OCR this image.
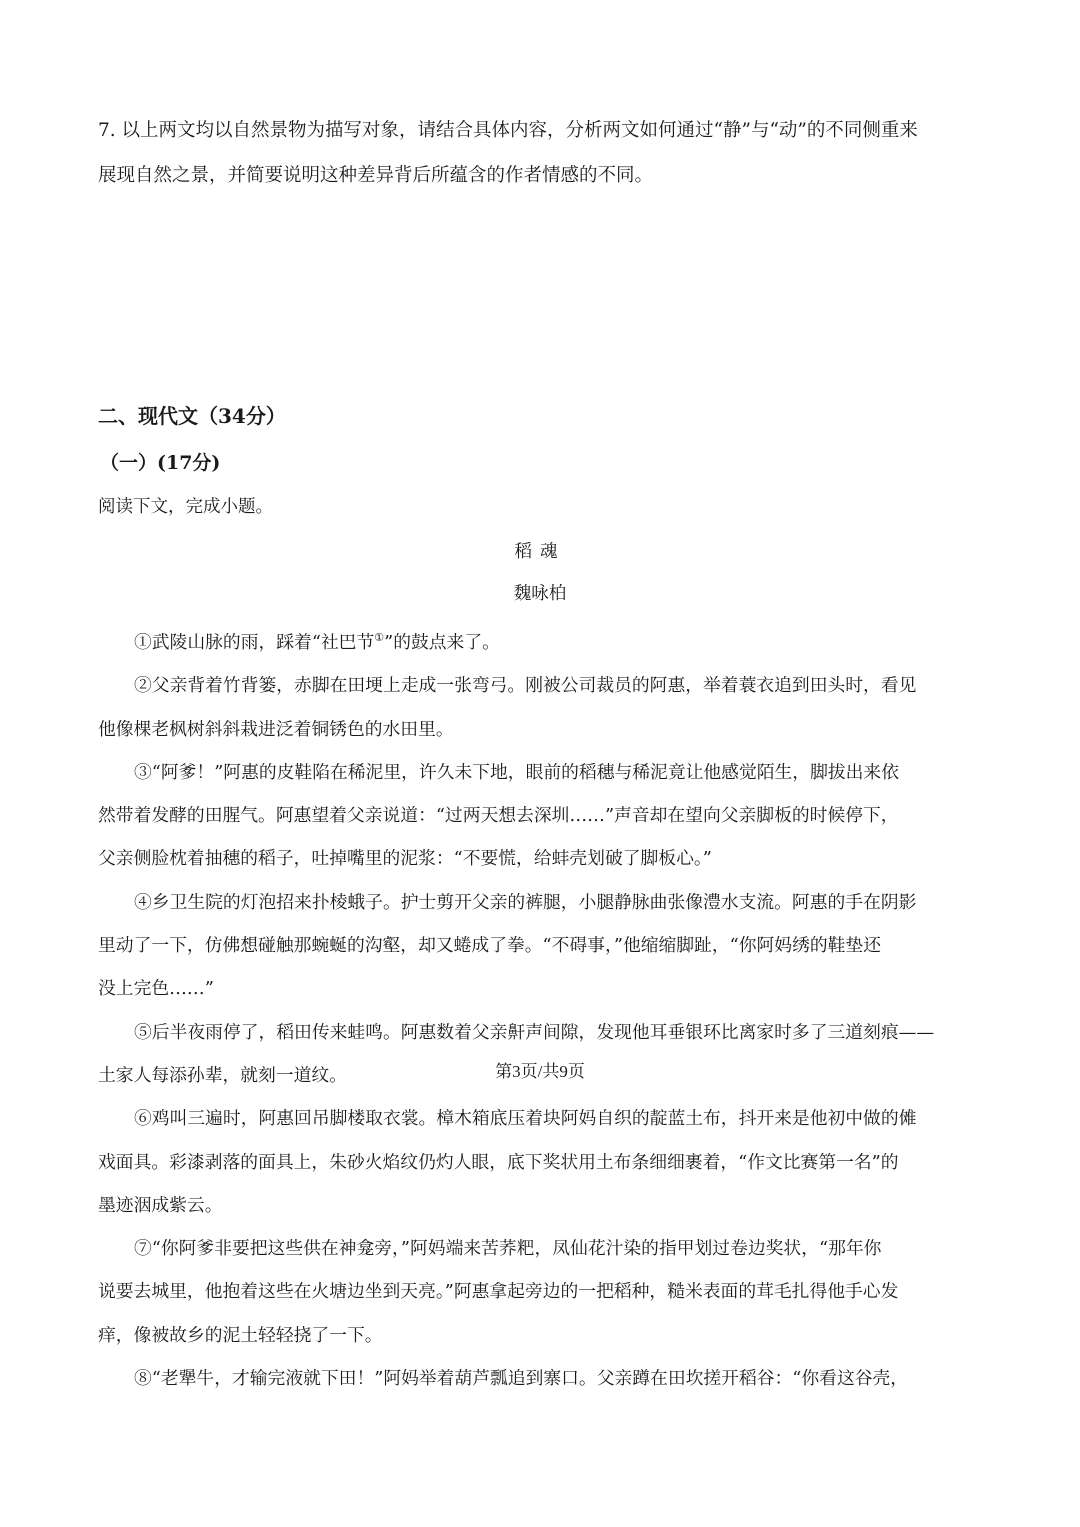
7. 以上两文均以自然景物为描写对象，请结合具体内容，分析两文如何通过“静”与“动”的不同侧重来
展现自然之景，并简要说明这种差异背后所蕴含的作者情感的不同。
二、现代文（34分）
（一）(17分)
阅读下文，完成小题。
稻魂
魏咏柏
①武陵山脉的雨，踩着“社巴节①”的鼓点来了。
②父亲背着竹背篓，赤脚在田埂上走成一张弯弓。刚被公司裁员的阿惠，举着蓑衣追到田头时，看见
他像棵老枫树斜斜栽进泛着铜锈色的水田里。
③“阿爹！”阿惠的皮鞋陷在稀泥里，许久未下地，眼前的稻穗与稀泥竟让他感觉陌生，脚拔出来依
然带着发酵的田腥气。阿惠望着父亲说道：“过两天想去深圳……”声音却在望向父亲脚板的时候停下，
父亲侧脸枕着抽穗的稻子，吐掉嘴里的泥浆：“不要慌，给蚌壳划破了脚板心。”
④乡卫生院的灯泡招来扑棱蛾子。护士剪开父亲的裤腿，小腿静脉曲张像澧水支流。阿惠的手在阴影
里动了一下，仿佛想碰触那蜿蜒的沟壑，却又蜷成了拳。“不碍事，”他缩缩脚趾，“你阿妈绣的鞋垫还
没上完色……”
⑤后半夜雨停了，稻田传来蛙鸣。阿惠数着父亲鼾声间隙，发现他耳垂银环比离家时多了三道刻痕——
土家人每添孙辈，就刻一道纹。
⑥鸡叫三遍时，阿惠回吊脚楼取衣裳。樟木箱底压着块阿妈自织的靛蓝土布，抖开来是他初中做的傩
戏面具。彩漆剥落的面具上，朱砂火焰纹仍灼人眼，底下奖状用土布条细细裹着，“作文比赛第一名”的
墨迹洇成紫云。
⑦“你阿爹非要把这些供在神龛旁，”阿妈端来苦荞粑，凤仙花汁染的指甲划过卷边奖状，“那年你
说要去城里，他抱着这些在火塘边坐到天亮。”阿惠拿起旁边的一把稻种，糙米表面的茸毛扎得他手心发
痒，像被故乡的泥土轻轻挠了一下。
⑧“老犟牛，才输完液就下田！”阿妈举着葫芦瓢追到寨口。父亲蹲在田坎搓开稻谷：“你看这谷壳，
第3页/共9页
